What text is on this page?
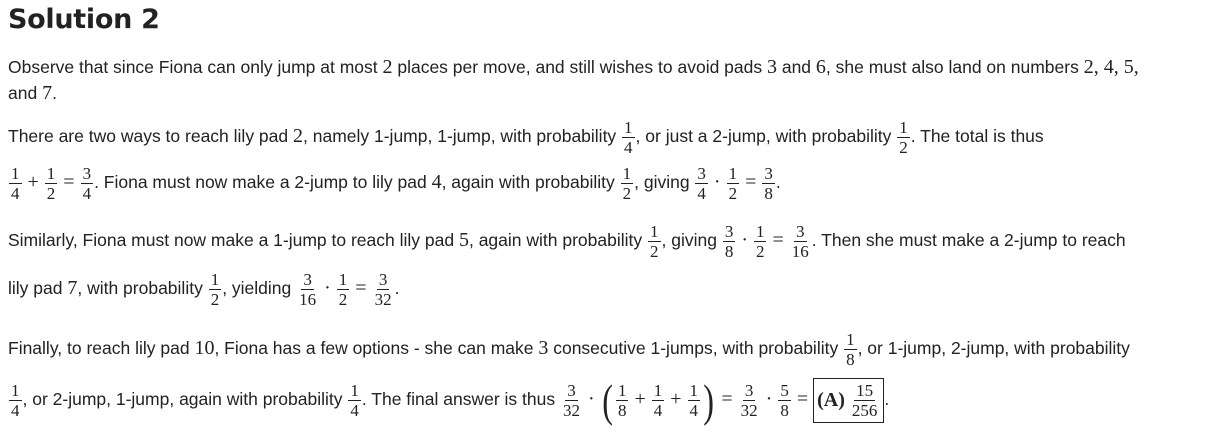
Solution 2
Observe that since Fiona can only jump at most 2 places per move, and still wishes to avoid pads 3 and 6, she must also land on numbers 2, 4, 5,
and 7.
There are two ways to reach lily pad 2, namely 1-jump, 1-jump, with probability $\frac{1}{4}$ , or just a 2-jump, with probability $\frac{1}{2}$ . The total is thus
$\frac{1}{4} + \frac{1}{2} = \frac{3}{4}$ . Fiona must now make a 2-jump to lily pad 4, again with probability $\frac{1}{2}$ , giving $\frac{3}{4} \cdot \frac{1}{2} = \frac{3}{8}$ .
Similarly, Fiona must now make a 1-jump to reach lily pad 5, again with probability $\frac{1}{2}$ , giving $\frac{3}{8} \cdot \frac{1}{2} = \frac{3}{16}$ . Then she must make a 2-jump to reach
lily pad 7, with probability $\frac{1}{2}$ , yielding $\frac{3}{16} \cdot \frac{1}{2} = \frac{3}{32}$ .
Finally, to reach lily pad 10, Fiona has a few options - she can make 3 consecutive 1-jumps, with probability $\frac{1}{8}$ , or 1-jump, 2-jump, with probability
$\frac{1}{4}$ , or 2-jump, 1-jump, again with probability $\frac{1}{4}$ . The final answer is thus $\frac{3}{32}$ · ( $\frac{1}{8} + \frac{1}{4} + \frac{1}{4}$ ) = $\frac{3}{32} \cdot \frac{5}{8} = (A) \frac{15}{256}$ .
